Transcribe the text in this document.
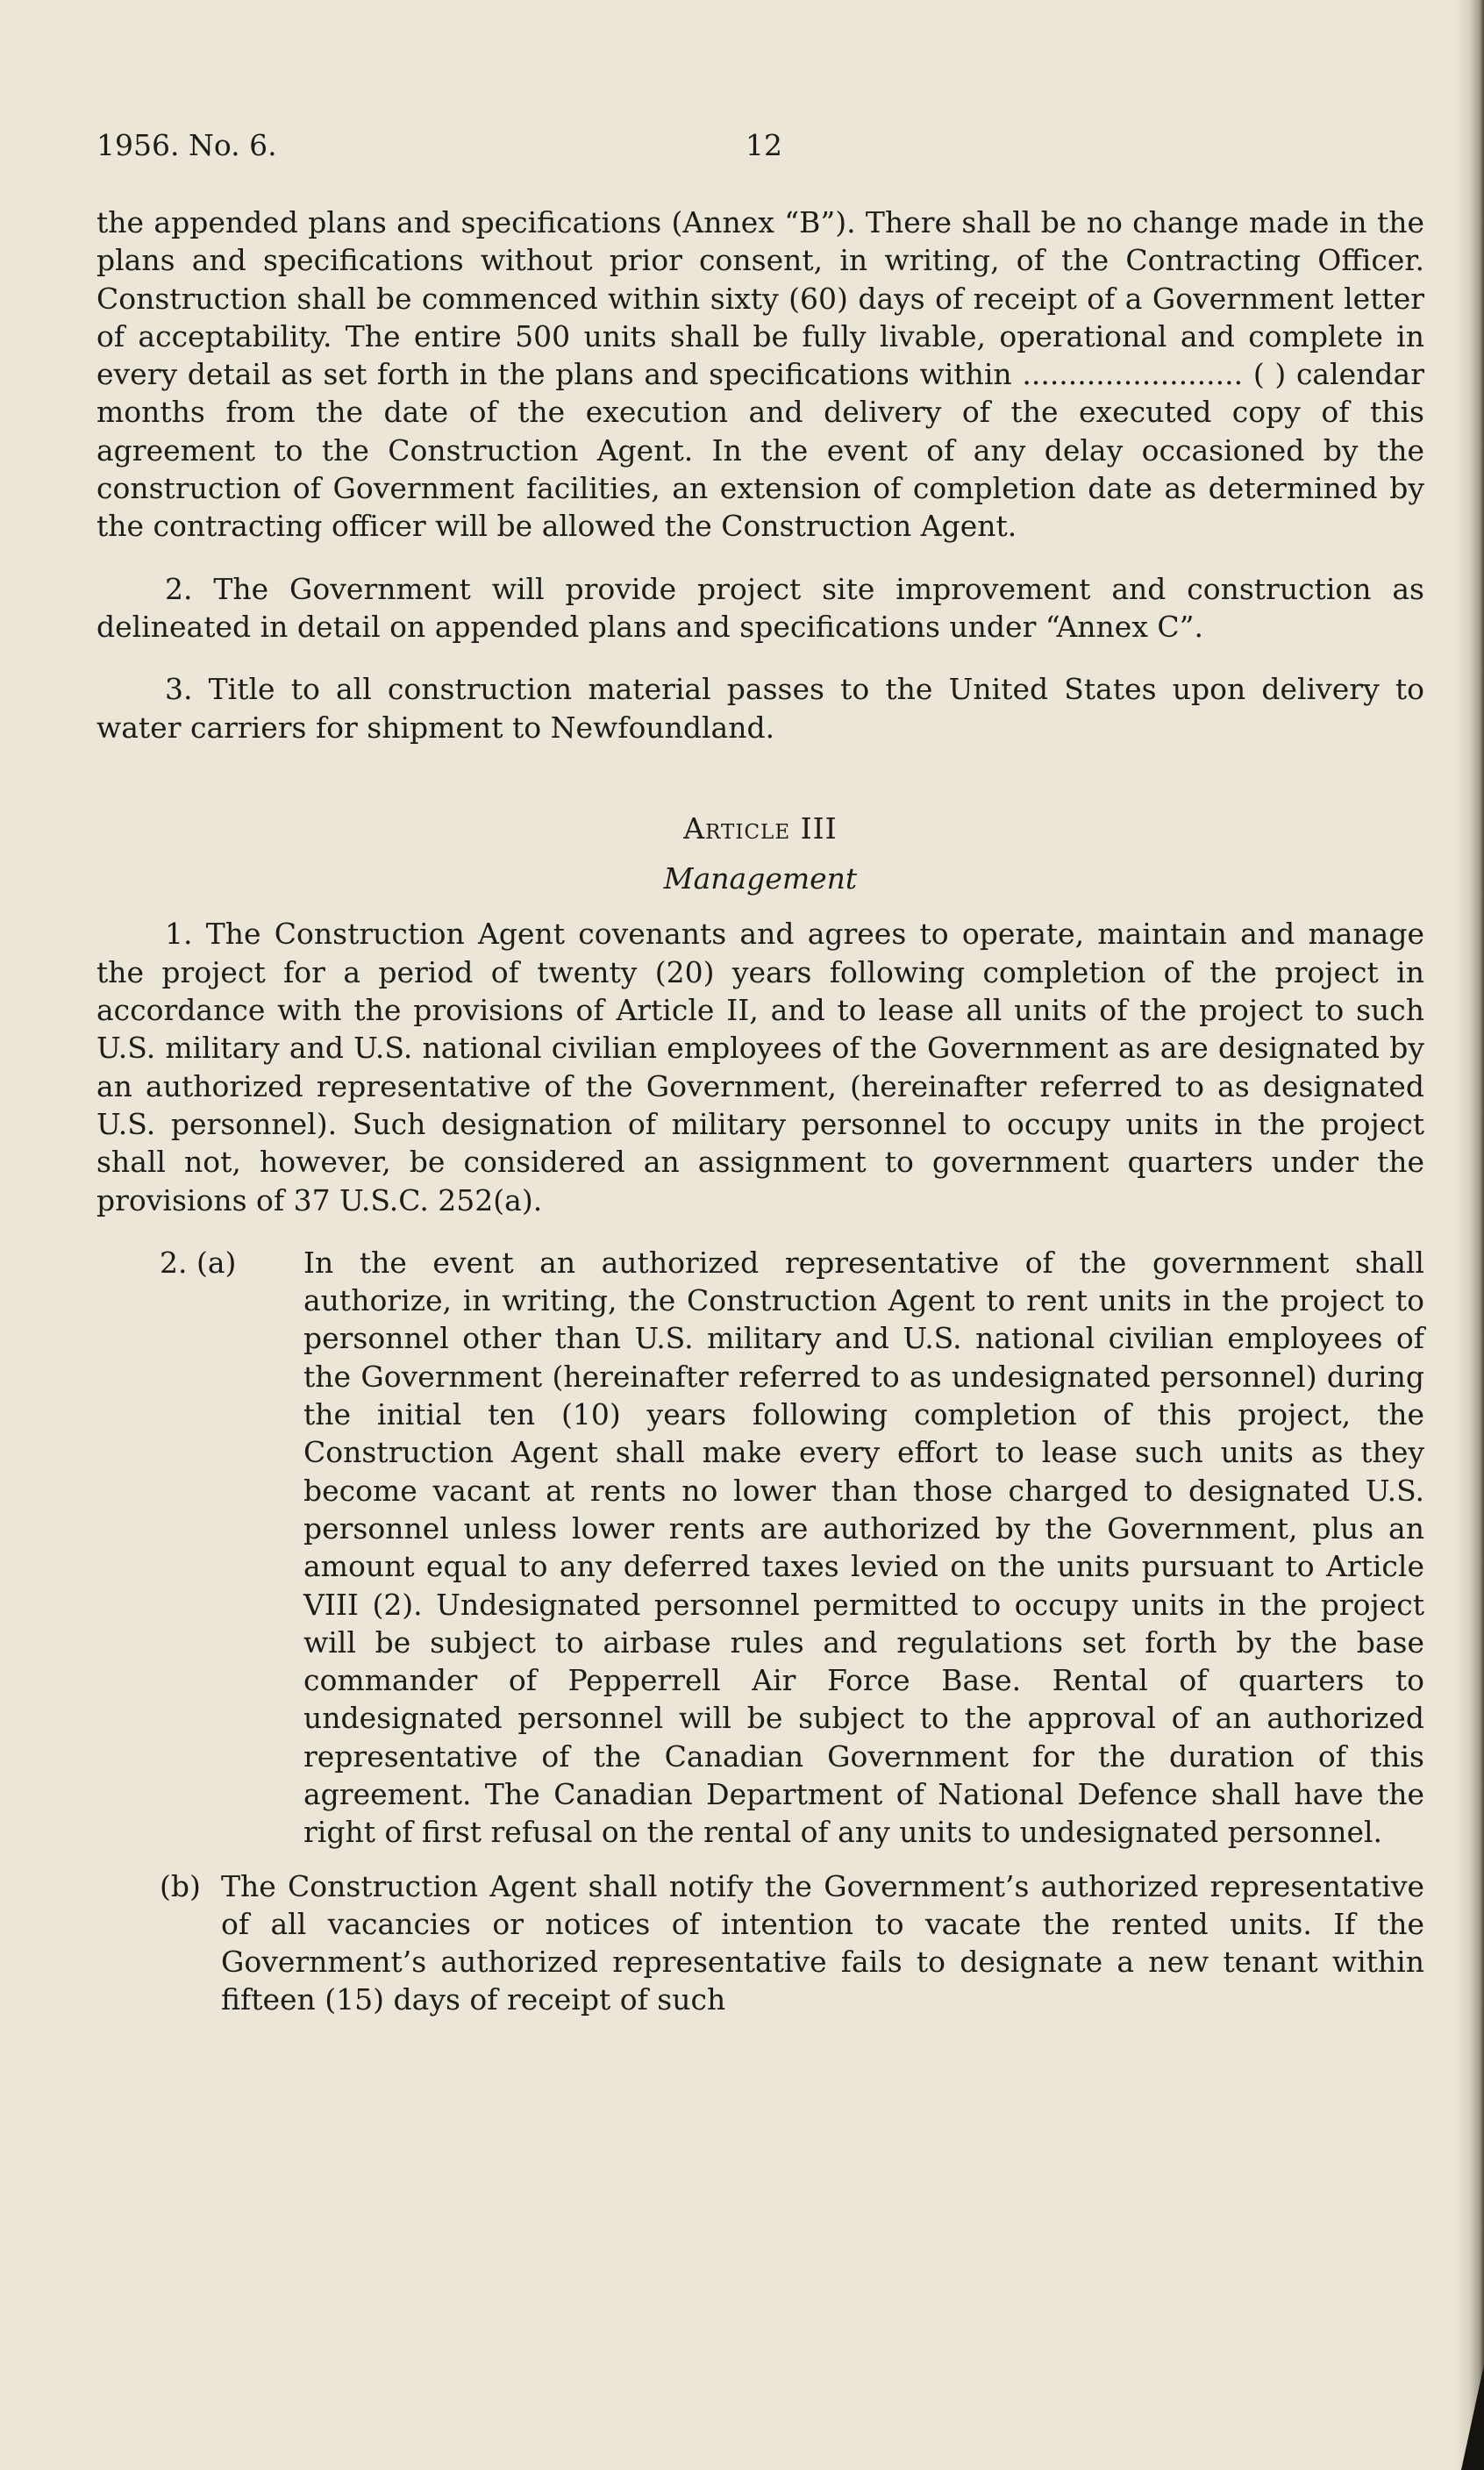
1956. No. 6.	12

the appended plans and specifications (Annex “B”). There shall be no change made in the plans and specifications without prior consent, in writing, of the Contracting Officer. Construction shall be commenced within sixty (60) days of receipt of a Government letter of acceptability. The entire 500 units shall be fully livable, operational and complete in every detail as set forth in the plans and specifications within ........................ ( ) calendar months from the date of the execution and delivery of the executed copy of this agreement to the Construction Agent. In the event of any delay occasioned by the construction of Government facilities, an extension of completion date as determined by the contracting officer will be allowed the Construction Agent.

2. The Government will provide project site improvement and construction as delineated in detail on appended plans and specifications under “Annex C”.

3. Title to all construction material passes to the United States upon delivery to water carriers for shipment to Newfoundland.

Article III

Management

1. The Construction Agent covenants and agrees to operate, maintain and manage the project for a period of twenty (20) years following completion of the project in accordance with the provisions of Article II, and to lease all units of the project to such U.S. military and U.S. national civilian employees of the Government as are designated by an authorized representative of the Government, (hereinafter referred to as designated U.S. personnel). Such designation of military personnel to occupy units in the project shall not, however, be considered an assignment to government quarters under the provisions of 37 U.S.C. 252(a).

2. (a)	In the event an authorized representative of the government shall authorize, in writing, the Construction Agent to rent units in the project to personnel other than U.S. military and U.S. national civilian employees of the Government (hereinafter referred to as undesignated personnel) during the initial ten (10) years following completion of this project, the Construction Agent shall make every effort to lease such units as they become vacant at rents no lower than those charged to designated U.S. personnel unless lower rents are authorized by the Government, plus an amount equal to any deferred taxes levied on the units pursuant to Article VIII (2). Undesignated personnel permitted to occupy units in the project will be subject to airbase rules and regulations set forth by the base commander of Pepperrell Air Force Base. Rental of quarters to undesignated personnel will be subject to the approval of an authorized representative of the Canadian Government for the duration of this agreement. The Canadian Department of National Defence shall have the right of first refusal on the rental of any units to undesignated personnel.
(b) The Construction Agent shall notify the Government’s authorized representative of all vacancies or notices of intention to vacate the rented units. If the Government’s authorized representative fails to designate a new tenant within fifteen (15) days of receipt of such
